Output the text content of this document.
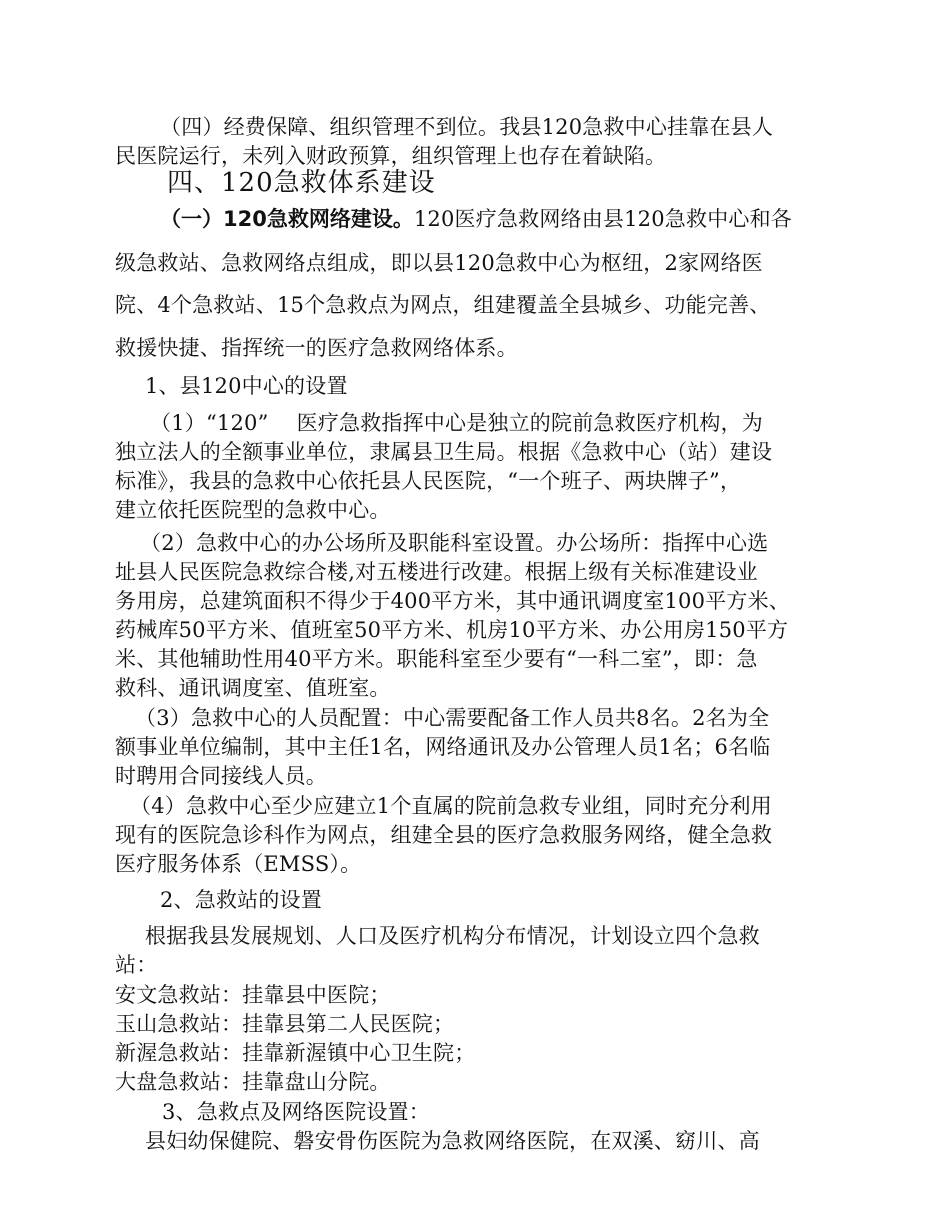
（四）经费保障、组织管理不到位。我县120急救中心挂靠在县人
民医院运行，未列入财政预算，组织管理上也存在着缺陷。
四、120急救体系建设
（一）120急救网络建设。120医疗急救网络由县120急救中心和各
级急救站、急救网络点组成，即以县120急救中心为枢纽，2家网络医
院、4个急救站、15个急救点为网点，组建覆盖全县城乡、功能完善、
救援快捷、指挥统一的医疗急救网络体系。
1、县120中心的设置
（1）“120”　 医疗急救指挥中心是独立的院前急救医疗机构，为
独立法人的全额事业单位，隶属县卫生局。根据《急救中心（站）建设
标准》，我县的急救中心依托县人民医院，“一个班子、两块牌子”，
建立依托医院型的急救中心。
（2）急救中心的办公场所及职能科室设置。办公场所：指挥中心选
址县人民医院急救综合楼,对五楼进行改建。根据上级有关标准建设业
务用房，总建筑面积不得少于400平方米，其中通讯调度室100平方米、
药械库50平方米、值班室50平方米、机房10平方米、办公用房150平方
米、其他辅助性用40平方米。职能科室至少要有“一科二室”，即：急
救科、通讯调度室、值班室。
（3）急救中心的人员配置：中心需要配备工作人员共8名。2名为全
额事业单位编制，其中主任1名，网络通讯及办公管理人员1名；6名临
时聘用合同接线人员。
（4）急救中心至少应建立1个直属的院前急救专业组，同时充分利用
现有的医院急诊科作为网点，组建全县的医疗急救服务网络，健全急救
医疗服务体系（EMSS）。
2、急救站的设置
根据我县发展规划、人口及医疗机构分布情况，计划设立四个急救
站：
安文急救站：挂靠县中医院；
玉山急救站：挂靠县第二人民医院；
新渥急救站：挂靠新渥镇中心卫生院；
大盘急救站：挂靠盘山分院。
3、急救点及网络医院设置：
县妇幼保健院、磐安骨伤医院为急救网络医院，在双溪、窈川、高
